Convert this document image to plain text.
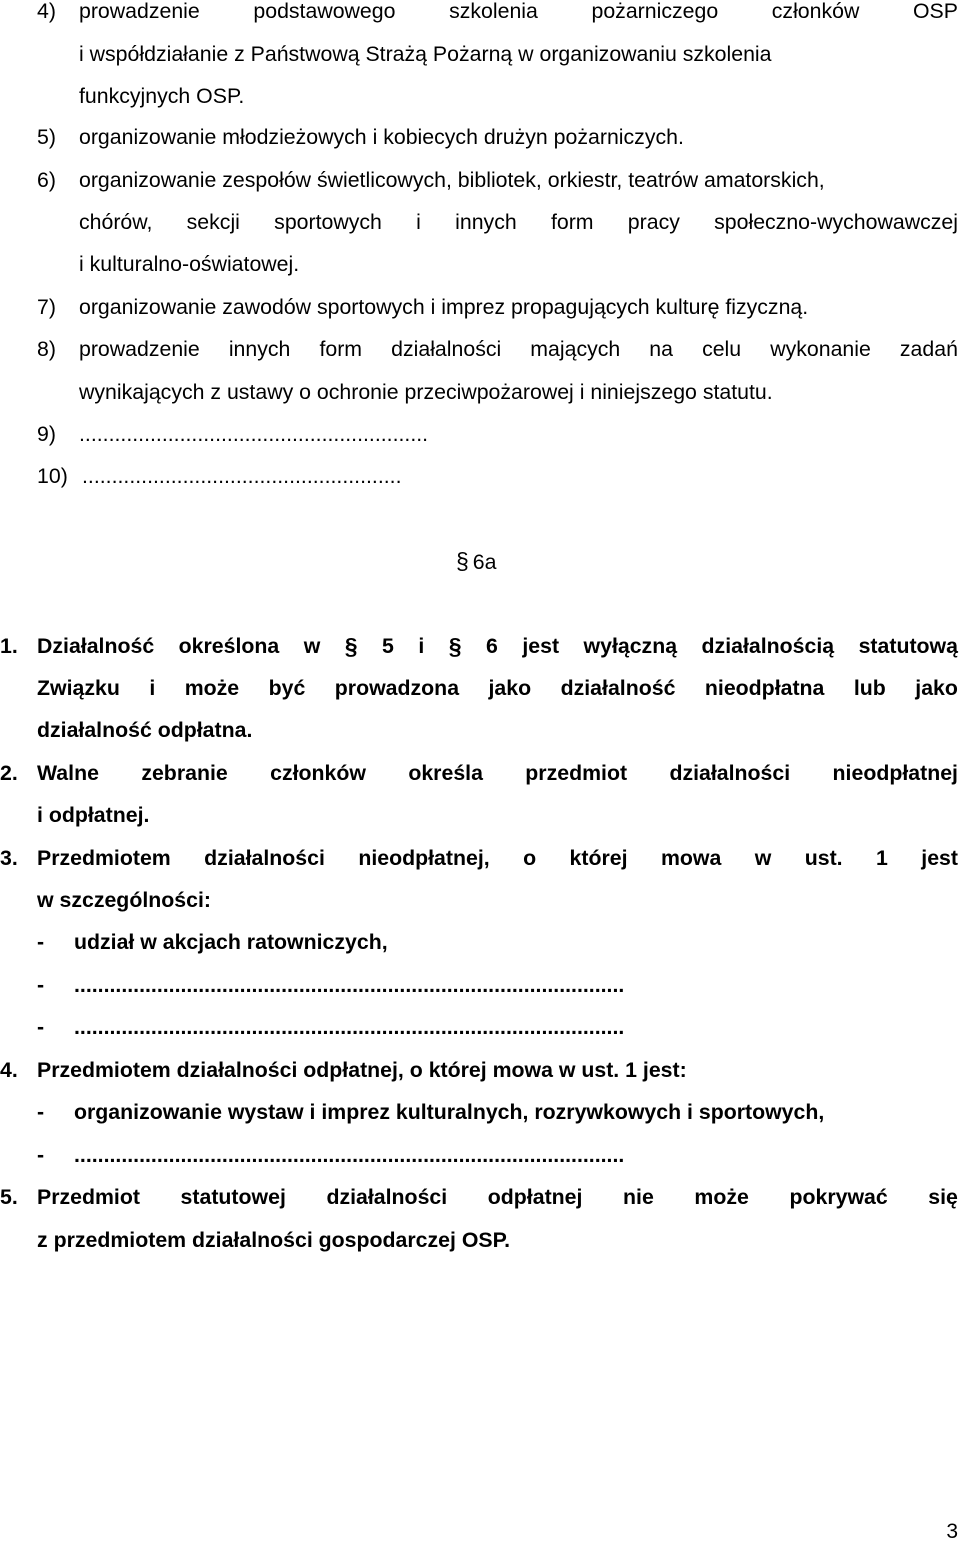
4) prowadzenie	podstawowego	szkolenia	pożarniczego	członków	OSP
i współdziałanie z Państwową Strażą Pożarną w organizowaniu szkolenia
funkcyjnych OSP.
5) organizowanie młodzieżowych i kobiecych drużyn pożarniczych.
6) organizowanie zespołów świetlicowych, bibliotek, orkiestr, teatrów amatorskich,
chórów, sekcji sportowych i innych form pracy społeczno-wychowawczej
i kulturalno-oświatowej.
7) organizowanie zawodów sportowych i imprez propagujących kulturę fizyczną.
8) prowadzenie innych form działalności mających na celu wykonanie zadań
wynikających z ustawy o ochronie przeciwpożarowej i niniejszego statutu.
9) ...........................................................
10) ......................................................
§ 6a
1. Działalność określona w § 5 i § 6 jest wyłączną działalnością statutową
Związku i może być prowadzona jako działalność nieodpłatna lub jako
działalność odpłatna.
2. Walne zebranie członków określa przedmiot działalności nieodpłatnej
i odpłatnej.
3. Przedmiotem działalności nieodpłatnej, o której mowa w ust. 1 jest
w szczególności:
- udział w akcjach ratowniczych,
- .............................................................................................
- .............................................................................................
4. Przedmiotem działalności odpłatnej, o której mowa w ust. 1 jest:
- organizowanie wystaw i imprez kulturalnych, rozrywkowych i sportowych,
- .............................................................................................
5. Przedmiot statutowej działalności odpłatnej nie może pokrywać się
z przedmiotem działalności gospodarczej OSP.
3
